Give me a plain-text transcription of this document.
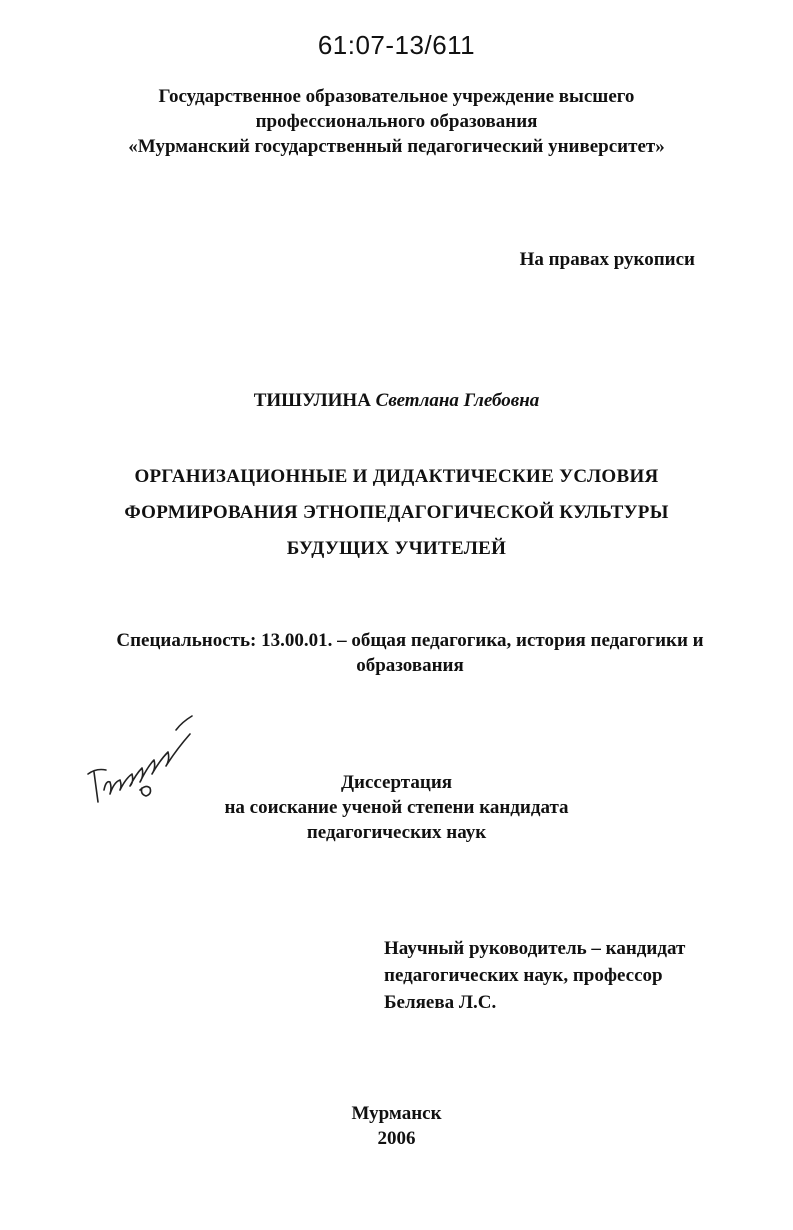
61:07-13/611
Государственное образовательное учреждение высшего
профессионального образования
«Мурманский государственный педагогический университет»
На правах рукописи
ТИШУЛИНА Светлана Глебовна
ОРГАНИЗАЦИОННЫЕ И ДИДАКТИЧЕСКИЕ УСЛОВИЯ
ФОРМИРОВАНИЯ ЭТНОПЕДАГОГИЧЕСКОЙ КУЛЬТУРЫ
БУДУЩИХ УЧИТЕЛЕЙ
Специальность: 13.00.01. – общая педагогика, история педагогики и
образования
Диссертация
на соискание ученой степени кандидата
педагогических наук
Научный руководитель – кандидат
педагогических наук, профессор
Беляева Л.С.
Мурманск
2006
